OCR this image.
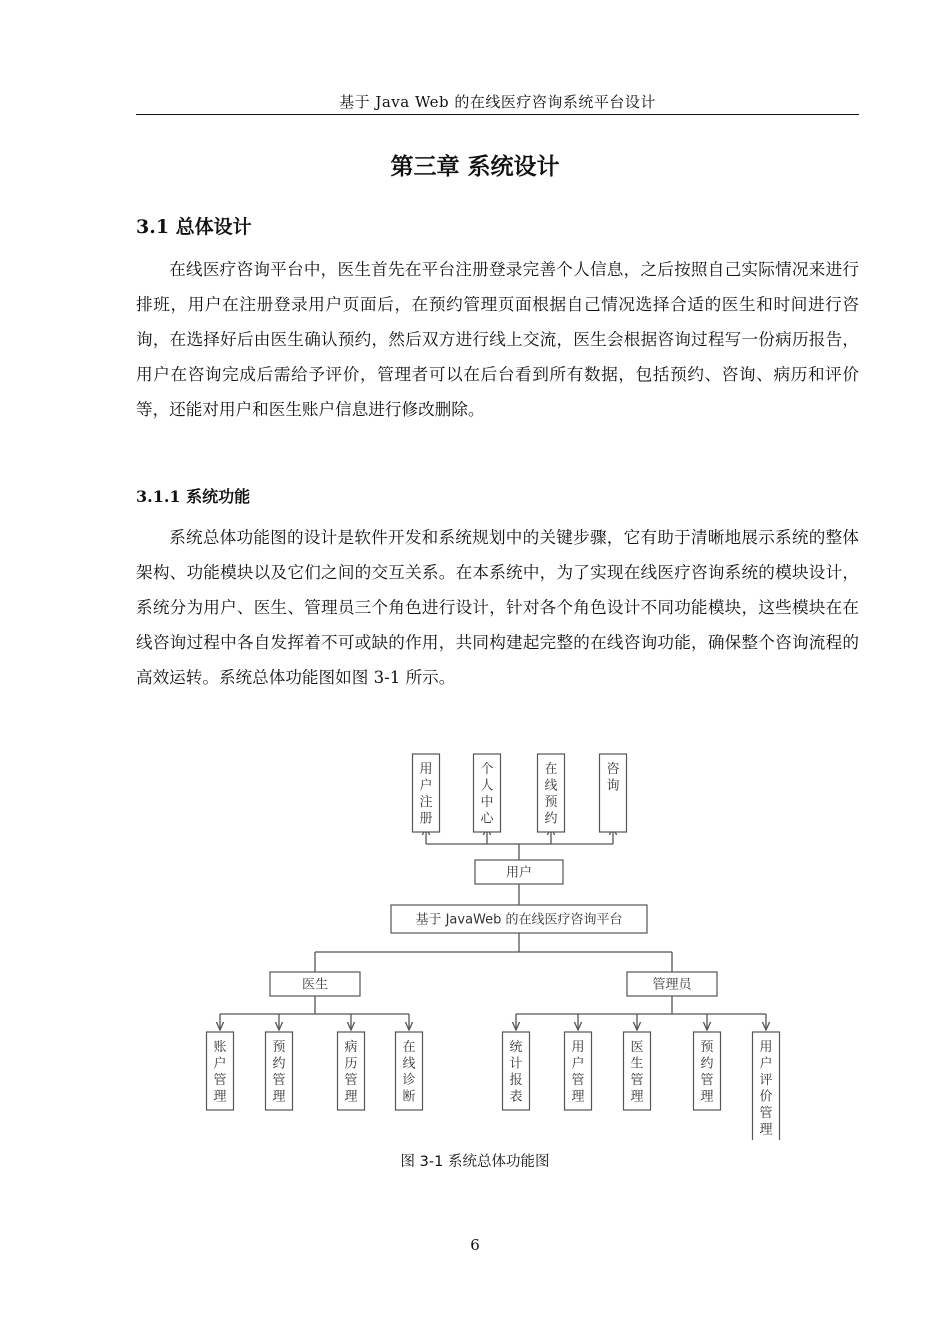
基于 Java Web 的在线医疗咨询系统平台设计
第三章 系统设计
3.1 总体设计
在线医疗咨询平台中，医生首先在平台注册登录完善个人信息，之后按照自己实际情况来进行排班，用户在注册登录用户页面后，在预约管理页面根据自己情况选择合适的医生和时间进行咨询，在选择好后由医生确认预约，然后双方进行线上交流，医生会根据咨询过程写一份病历报告，用户在咨询完成后需给予评价，管理者可以在后台看到所有数据，包括预约、咨询、病历和评价等，还能对用户和医生账户信息进行修改删除。
3.1.1 系统功能
系统总体功能图的设计是软件开发和系统规划中的关键步骤，它有助于清晰地展示系统的整体架构、功能模块以及它们之间的交互关系。在本系统中，为了实现在线医疗咨询系统的模块设计，系统分为用户、医生、管理员三个角色进行设计，针对各个角色设计不同功能模块，这些模块在在线咨询过程中各自发挥着不可或缺的作用，共同构建起完整的在线咨询功能，确保整个咨询流程的高效运转。系统总体功能图如图 3-1 所示。
基于 JavaWeb 的在线医疗咨询平台
用户
用
户
注
册
个
人
中
心
在
线
预
约
咨
询
医生
账
户
管
理
预
约
管
理
病
历
管
理
在
线
诊
断
管理员
统
计
报
表
用
户
管
理
医
生
管
理
预
约
管
理
用
户
评
价
管
理
图 3-1 系统总体功能图
6
